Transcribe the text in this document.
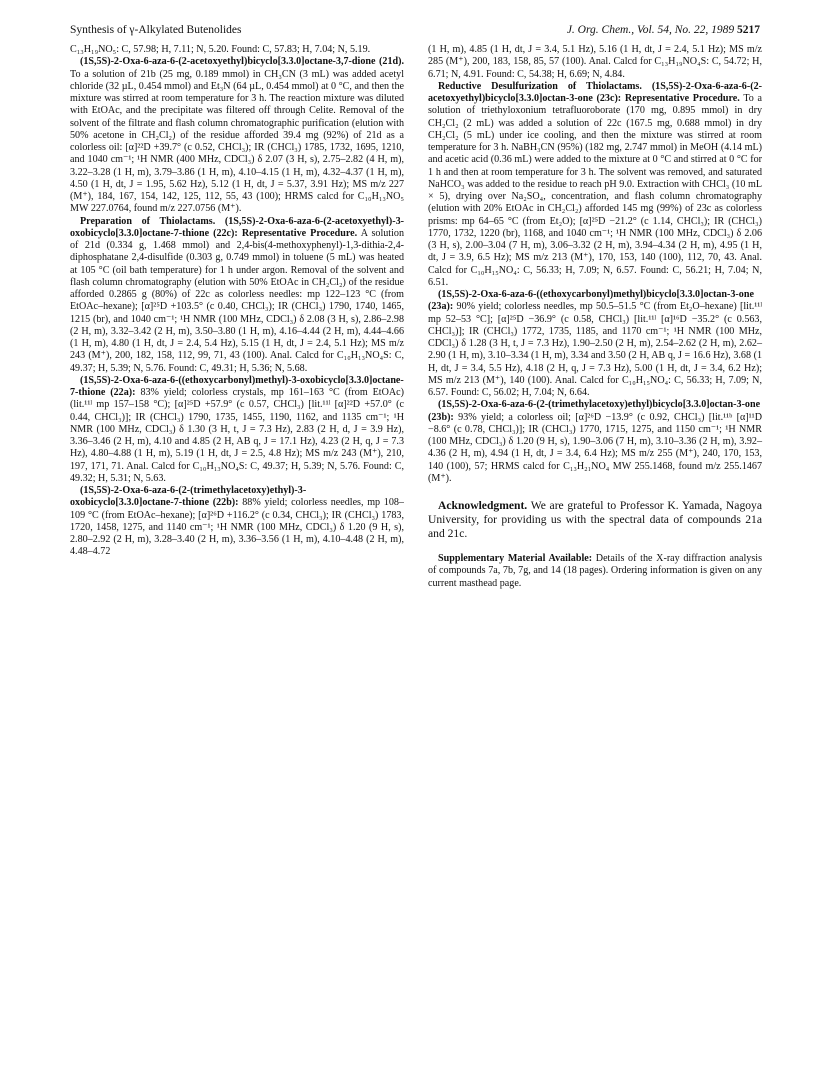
Synthesis of γ-Alkylated Butenolides	J. Org. Chem., Vol. 54, No. 22, 1989 5217

C₁₃H₁₉NO₅: C, 57.98; H, 7.11; N, 5.20. Found: C, 57.83; H, 7.04; N, 5.19.

(1S,5S)-2-Oxa-6-aza-6-(2-acetoxyethyl)bicyclo[3.3.0]octane-3,7-dione (21d). To a solution of 21b (25 mg, 0.189 mmol) in CH₃CN (3 mL) was added acetyl chloride (32 µL, 0.454 mmol) and Et₃N (64 µL, 0.454 mmol) at 0 °C, and then the mixture was stirred at room temperature for 3 h. The reaction mixture was diluted with EtOAc, and the precipitate was filtered off through Celite. Removal of the solvent of the filtrate and flash column chromatographic purification (elution with 50% acetone in CH₂Cl₂) of the residue afforded 39.4 mg (92%) of 21d as a colorless oil: [α]²²D +39.7° (c 0.52, CHCl₃); IR (CHCl₃) 1785, 1732, 1695, 1210, and 1040 cm⁻¹; ¹H NMR (400 MHz, CDCl₃) δ 2.07 (3 H, s), 2.75–2.82 (4 H, m), 3.22–3.28 (1 H, m), 3.79–3.86 (1 H, m), 4.10–4.15 (1 H, m), 4.32–4.37 (1 H, m), 4.50 (1 H, dt, J = 1.95, 5.62 Hz), 5.12 (1 H, dt, J = 5.37, 3.91 Hz); MS m/z 227 (M⁺), 184, 167, 154, 142, 125, 112, 55, 43 (100); HRMS calcd for C₁₀H₁₃NO₅ MW 227.0764, found m/z 227.0756 (M⁺).

Preparation of Thiolactams. (1S,5S)-2-Oxa-6-aza-6-(2-acetoxyethyl)-3-oxobicyclo[3.3.0]octane-7-thione (22c): Representative Procedure. A solution of 21d (0.334 g, 1.468 mmol) and 2,4-bis(4-methoxyphenyl)-1,3-dithia-2,4-diphosphatane 2,4-disulfide (0.303 g, 0.749 mmol) in toluene (5 mL) was heated at 105 °C (oil bath temperature) for 1 h under argon. Removal of the solvent and flash column chromatography (elution with 50% EtOAc in CH₂Cl₂) of the residue afforded 0.2865 g (80%) of 22c as colorless needles: mp 122–123 °C (from EtOAc–hexane); [α]²⁵D +103.5° (c 0.40, CHCl₃); IR (CHCl₃) 1790, 1740, 1465, 1215 (br), and 1040 cm⁻¹; ¹H NMR (100 MHz, CDCl₃) δ 2.08 (3 H, s), 2.86–2.98 (2 H, m), 3.32–3.42 (2 H, m), 3.50–3.80 (1 H, m), 4.16–4.44 (2 H, m), 4.44–4.66 (1 H, m), 4.80 (1 H, dt, J = 2.4, 5.4 Hz), 5.15 (1 H, dt, J = 2.4, 5.1 Hz); MS m/z 243 (M⁺), 200, 182, 158, 112, 99, 71, 43 (100). Anal. Calcd for C₁₀H₁₃NO₄S: C, 49.37; H, 5.39; N, 5.76. Found: C, 49.31; H, 5.36; N, 5.68.

(1S,5S)-2-Oxa-6-aza-6-((ethoxycarbonyl)methyl)-3-oxobicyclo[3.3.0]octane-7-thione (22a): 83% yield; colorless crystals, mp 161–163 °C (from EtOAc) (lit.¹¹ˡ mp 157–158 °C); [α]²⁵D +57.9° (c 0.57, CHCl₃) [lit.¹¹ˡ [α]²²D +57.0° (c 0.44, CHCl₃)]; IR (CHCl₃) 1790, 1735, 1455, 1190, 1162, and 1135 cm⁻¹; ¹H NMR (100 MHz, CDCl₃) δ 1.30 (3 H, t, J = 7.3 Hz), 2.83 (2 H, d, J = 3.9 Hz), 3.36–3.46 (2 H, m), 4.10 and 4.85 (2 H, AB q, J = 17.1 Hz), 4.23 (2 H, q, J = 7.3 Hz), 4.80–4.88 (1 H, m), 5.19 (1 H, dt, J = 2.5, 4.8 Hz); MS m/z 243 (M⁺), 210, 197, 171, 71. Anal. Calcd for C₁₀H₁₃NO₄S: C, 49.37; H, 5.39; N, 5.76. Found: C, 49.32; H, 5.31; N, 5.63.

(1S,5S)-2-Oxa-6-aza-6-(2-(trimethylacetoxy)ethyl)-3-oxobicyclo[3.3.0]octane-7-thione (22b): 88% yield; colorless needles, mp 108–109 °C (from EtOAc–hexane); [α]²⁶D +116.2° (c 0.34, CHCl₃); IR (CHCl₃) 1783, 1720, 1458, 1275, and 1140 cm⁻¹; ¹H NMR (100 MHz, CDCl₃) δ 1.20 (9 H, s), 2.80–2.92 (2 H, m), 3.28–3.40 (2 H, m), 3.36–3.56 (1 H, m), 4.10–4.48 (2 H, m), 4.48–4.72

(1 H, m), 4.85 (1 H, dt, J = 3.4, 5.1 Hz), 5.16 (1 H, dt, J = 2.4, 5.1 Hz); MS m/z 285 (M⁺), 200, 183, 158, 85, 57 (100). Anal. Calcd for C₁₃H₁₉NO₄S: C, 54.72; H, 6.71; N, 4.91. Found: C, 54.38; H, 6.69; N, 4.84.

Reductive Desulfurization of Thiolactams. (1S,5S)-2-Oxa-6-aza-6-(2-acetoxyethyl)bicyclo[3.3.0]octan-3-one (23c): Representative Procedure. To a solution of triethyloxonium tetrafluoroborate (170 mg, 0.895 mmol) in dry CH₂Cl₂ (2 mL) was added a solution of 22c (167.5 mg, 0.688 mmol) in dry CH₂Cl₂ (5 mL) under ice cooling, and then the mixture was stirred at room temperature for 3 h. NaBH₃CN (95%) (182 mg, 2.747 mmol) in MeOH (4.14 mL) and acetic acid (0.36 mL) were added to the mixture at 0 °C and stirred at 0 °C for 1 h and then at room temperature for 3 h. The solvent was removed, and saturated NaHCO₃ was added to the residue to reach pH 9.0. Extraction with CHCl₃ (10 mL × 5), drying over Na₂SO₄, concentration, and flash column chromatography (elution with 20% EtOAc in CH₂Cl₂) afforded 145 mg (99%) of 23c as colorless prisms: mp 64–65 °C (from Et₂O); [α]²⁵D −21.2° (c 1.14, CHCl₃); IR (CHCl₃) 1770, 1732, 1220 (br), 1168, and 1040 cm⁻¹; ¹H NMR (100 MHz, CDCl₃) δ 2.06 (3 H, s), 2.00–3.04 (7 H, m), 3.06–3.32 (2 H, m), 3.94–4.34 (2 H, m), 4.95 (1 H, dt, J = 3.9, 6.5 Hz); MS m/z 213 (M⁺), 170, 153, 140 (100), 112, 70, 43. Anal. Calcd for C₁₀H₁₅NO₄: C, 56.33; H, 7.09; N, 6.57. Found: C, 56.21; H, 7.04; N, 6.51.

(1S,5S)-2-Oxa-6-aza-6-((ethoxycarbonyl)methyl)bicyclo[3.3.0]octan-3-one (23a): 90% yield; colorless needles, mp 50.5–51.5 °C (from Et₂O–hexane) [lit.¹¹ˡ mp 52–53 °C]; [α]²⁵D −36.9° (c 0.58, CHCl₃) [lit.¹¹ˡ [α]¹⁶D −35.2° (c 0.563, CHCl₃)]; IR (CHCl₃) 1772, 1735, 1185, and 1170 cm⁻¹; ¹H NMR (100 MHz, CDCl₃) δ 1.28 (3 H, t, J = 7.3 Hz), 1.90–2.50 (2 H, m), 2.54–2.62 (2 H, m), 2.62–2.90 (1 H, m), 3.10–3.34 (1 H, m), 3.34 and 3.50 (2 H, AB q, J = 16.6 Hz), 3.68 (1 H, dt, J = 3.4, 5.5 Hz), 4.18 (2 H, q, J = 7.3 Hz), 5.00 (1 H, dt, J = 3.4, 6.2 Hz); MS m/z 213 (M⁺), 140 (100). Anal. Calcd for C₁₀H₁₅NO₄: C, 56.33; H, 7.09; N, 6.57. Found: C, 56.02; H, 7.04; N, 6.64.

(1S,5S)-2-Oxa-6-aza-6-(2-(trimethylacetoxy)ethyl)bicyclo[3.3.0]octan-3-one (23b): 93% yield; a colorless oil; [α]²⁶D −13.9° (c 0.92, CHCl₃) [lit.¹¹ᵇ [α]¹¹D −8.6° (c 0.78, CHCl₃)]; IR (CHCl₃) 1770, 1715, 1275, and 1150 cm⁻¹; ¹H NMR (100 MHz, CDCl₃) δ 1.20 (9 H, s), 1.90–3.06 (7 H, m), 3.10–3.36 (2 H, m), 3.92–4.36 (2 H, m), 4.94 (1 H, dt, J = 3.4, 6.4 Hz); MS m/z 255 (M⁺), 240, 170, 153, 140 (100), 57; HRMS calcd for C₁₃H₂₁NO₄ MW 255.1468, found m/z 255.1467 (M⁺).

Acknowledgment. We are grateful to Professor K. Yamada, Nagoya University, for providing us with the spectral data of compounds 21a and 21c.

Supplementary Material Available: Details of the X-ray diffraction analysis of compounds 7a, 7b, 7g, and 14 (18 pages). Ordering information is given on any current masthead page.
